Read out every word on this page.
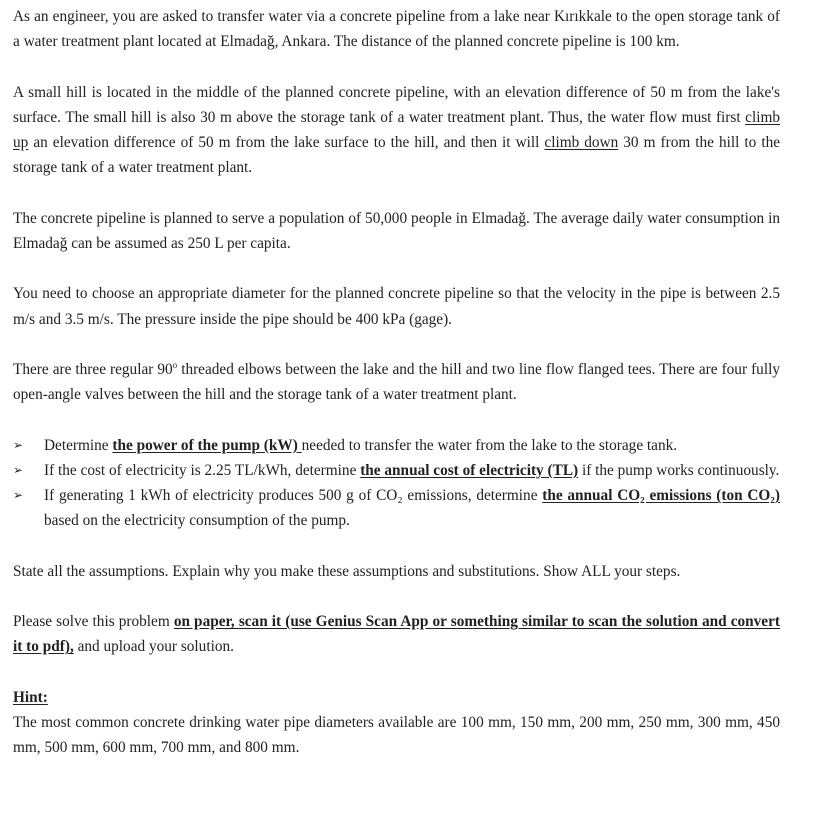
As an engineer, you are asked to transfer water via a concrete pipeline from a lake near Kırıkkale to the open storage tank of a water treatment plant located at Elmadağ, Ankara. The distance of the planned concrete pipeline is 100 km.

A small hill is located in the middle of the planned concrete pipeline, with an elevation difference of 50 m from the lake's surface. The small hill is also 30 m above the storage tank of a water treatment plant. Thus, the water flow must first climb up an elevation difference of 50 m from the lake surface to the hill, and then it will climb down 30 m from the hill to the storage tank of a water treatment plant.

The concrete pipeline is planned to serve a population of 50,000 people in Elmadağ. The average daily water consumption in Elmadağ can be assumed as 250 L per capita.

You need to choose an appropriate diameter for the planned concrete pipeline so that the velocity in the pipe is between 2.5 m/s and 3.5 m/s. The pressure inside the pipe should be 400 kPa (gage).

There are three regular 90$^o$ threaded elbows between the lake and the hill and two line flow flanged tees. There are four fully open-angle valves between the hill and the storage tank of a water treatment plant.

➢	Determine the power of the pump (kW) needed to transfer the water from the lake to the storage tank.
➢	If the cost of electricity is 2.25 TL/kWh, determine the annual cost of electricity (TL) if the pump works continuously.
➢	If generating 1 kWh of electricity produces 500 g of CO₂ emissions, determine the annual CO₂ emissions (ton CO₂) based on the electricity consumption of the pump.

State all the assumptions. Explain why you make these assumptions and substitutions. Show ALL your steps.

Please solve this problem on paper, scan it (use Genius Scan App or something similar to scan the solution and convert it to pdf), and upload your solution.

Hint:

The most common concrete drinking water pipe diameters available are 100 mm, 150 mm, 200 mm, 250 mm, 300 mm, 450 mm, 500 mm, 600 mm, 700 mm, and 800 mm.
